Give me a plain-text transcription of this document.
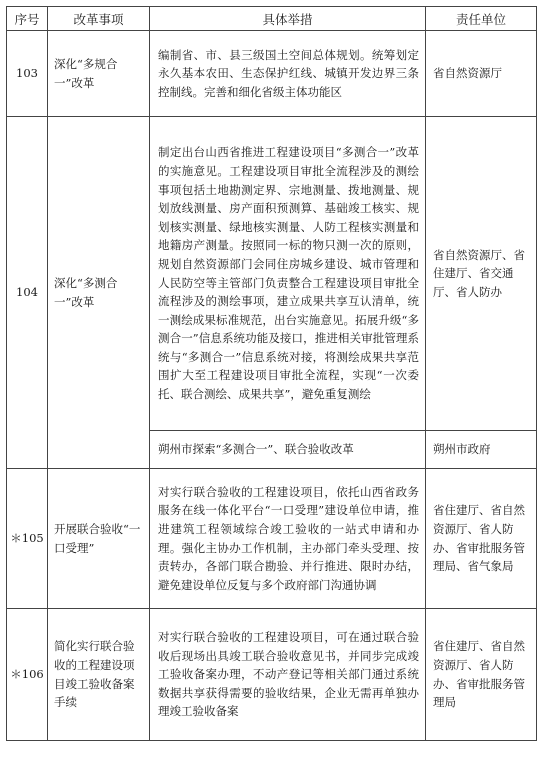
序号	改革事项	具体举措	责任单位
103	深化“多规合一”改革	编制省、市、县三级国土空间总体规划。统筹划定永久基本农田、生态保护红线、城镇开发边界三条控制线。完善和细化省级主体功能区	省自然资源厅

104	深化“多测合一”改革	制定出台山西省推进工程建设项目“多测合一”改革的实施意见。工程建设项目审批全流程涉及的测绘事项包括土地勘测定界、宗地测量、拨地测量、规划放线测量、房产面积预测算、基础竣工核实、规划核实测量、绿地核实测量、人防工程核实测量和地籍房产测量。按照同一标的物只测一次的原则，规划自然资源部门会同住房城乡建设、城市管理和人民防空等主管部门负责整合工程建设项目审批全流程涉及的测绘事项，建立成果共享互认清单，统一测绘成果标准规范，出台实施意见。拓展升级“多测合一”信息系统功能及接口，推进相关审批管理系统与“多测合一”信息系统对接，将测绘成果共享范围扩大至工程建设项目审批全流程，实现“一次委托、联合测绘、成果共享”，避免重复测绘	省自然资源厅、省住建厅、省交通厅、省人防办

		朔州市探索“多测合一”、联合验收改革	朔州市政府

＊105	开展联合验收“一口受理”	对实行联合验收的工程建设项目，依托山西省政务服务在线一体化平台“一口受理”建设单位申请，推进建筑工程领域综合竣工验收的一站式申请和办理。强化主协办工作机制，主办部门牵头受理、按责转办，各部门联合勘验、并行推进、限时办结，避免建设单位反复与多个政府部门沟通协调	省住建厅、省自然资源厅、省人防办、省审批服务管理局、省气象局

＊106	简化实行联合验收的工程建设项目竣工验收备案手续	对实行联合验收的工程建设项目，可在通过联合验收后现场出具竣工联合验收意见书，并同步完成竣工验收备案办理，不动产登记等相关部门通过系统数据共享获得需要的验收结果，企业无需再单独办理竣工验收备案	省住建厅、省自然资源厅、省人防办、省审批服务管理局
